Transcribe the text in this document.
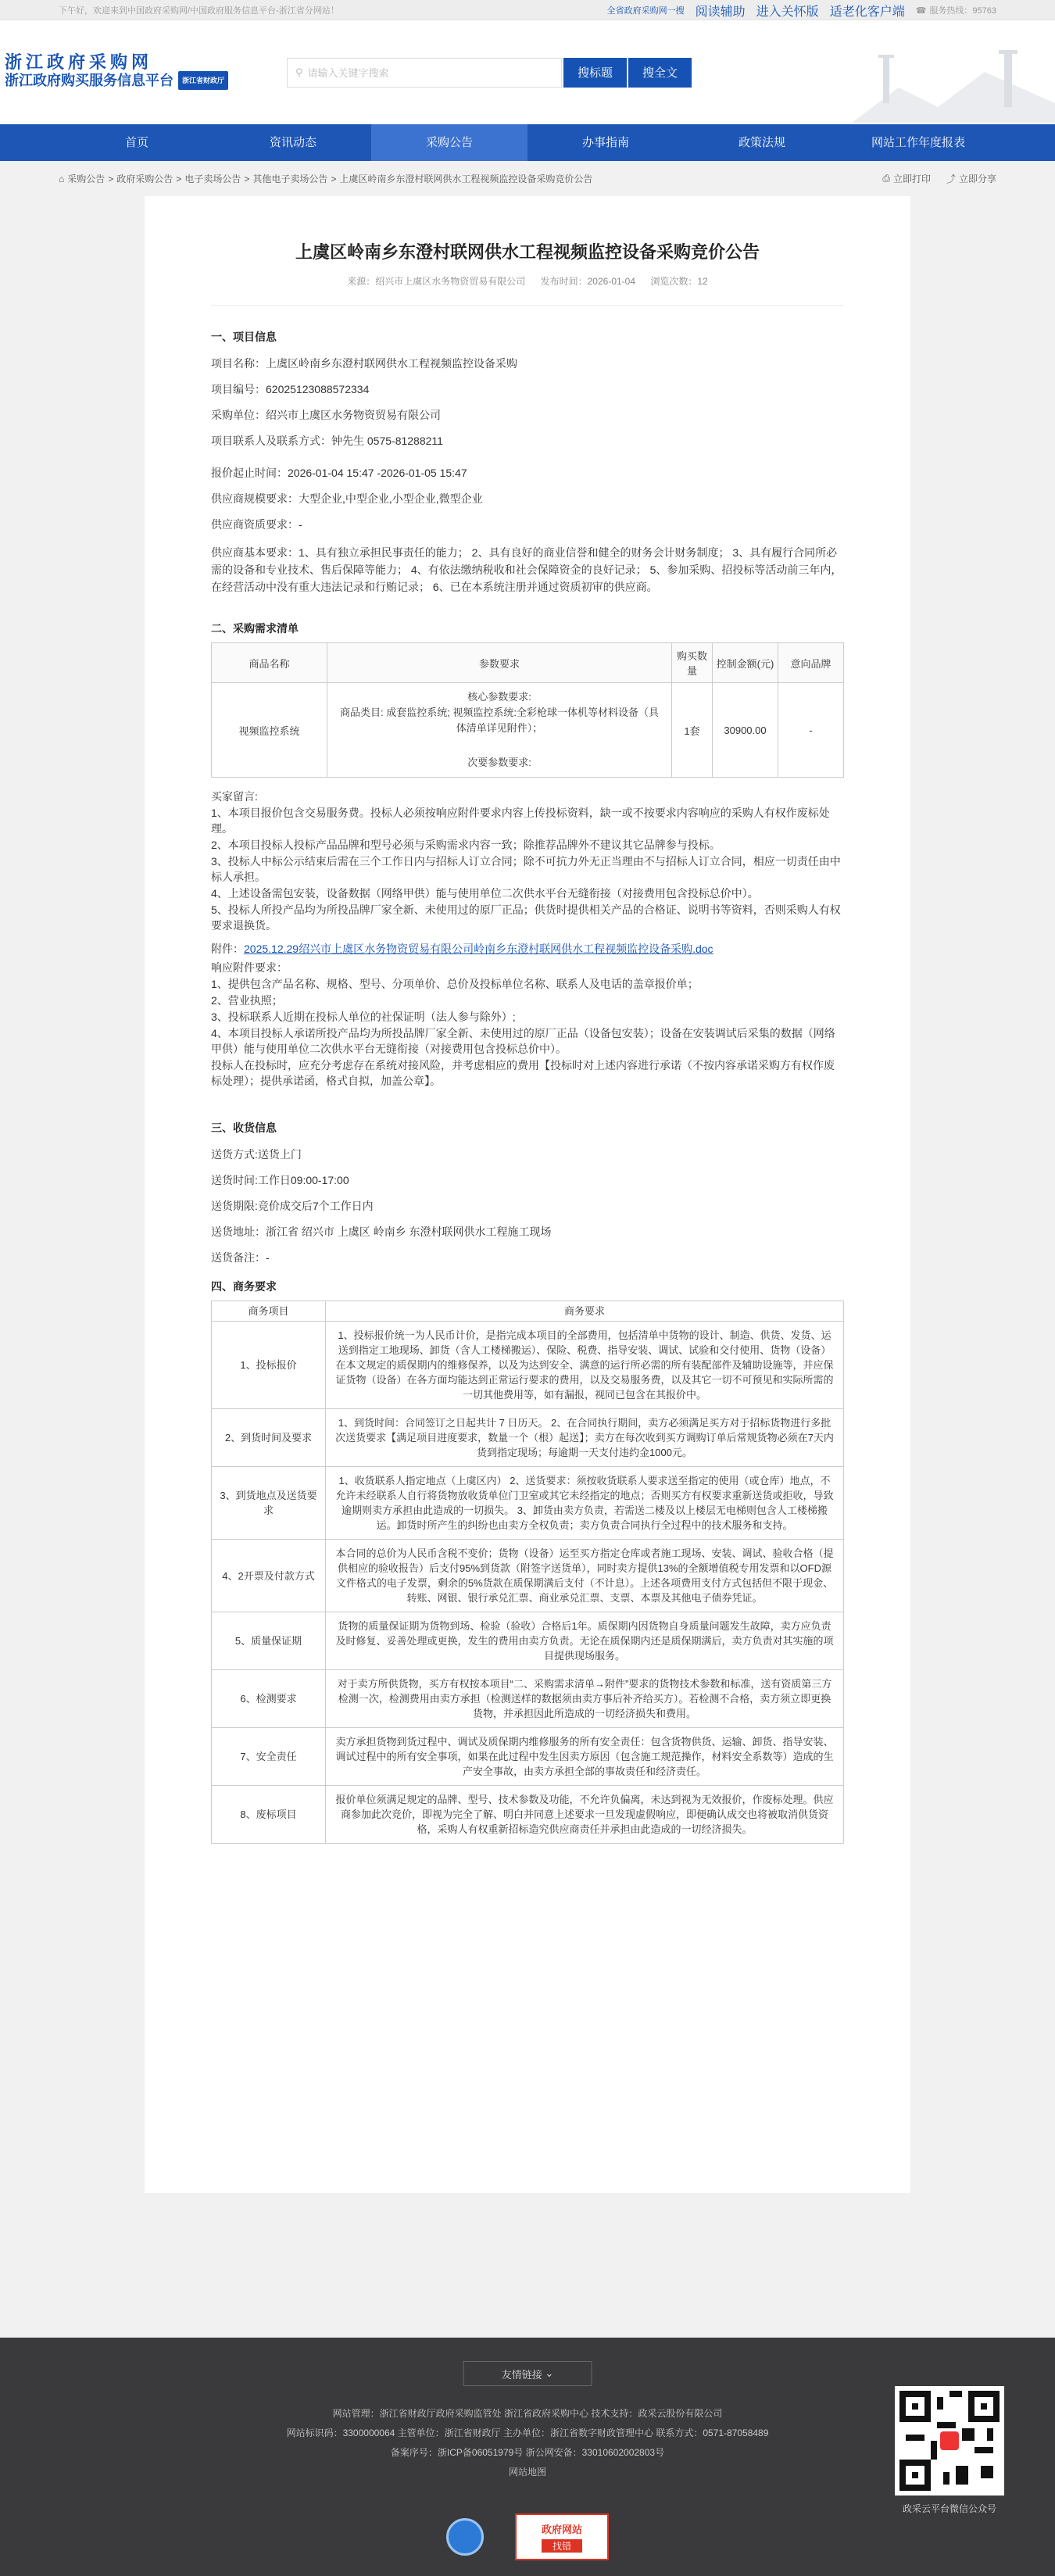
下午好，欢迎来到中国政府采购网/中国政府服务信息平台-浙江省分网站！	全省政府采购网一搜 阅读辅助 进入关怀版 适老化客户端 ☎ 服务热线：95763
浙江政府采购网
浙江政府购买服务信息平台 浙江省财政厅
⚲ 请输入关键字搜索	搜标题	搜全文
首页	资讯动态	采购公告	办事指南	政策法规	网站工作年度报表
⌂ 采购公告 > 政府采购公告 > 电子卖场公告 > 其他电子卖场公告 > 上虞区岭南乡东澄村联网供水工程视频监控设备采购竞价公告	⎙ 立即打印 ⤴ 立即分享
上虞区岭南乡东澄村联网供水工程视频监控设备采购竞价公告
来源：绍兴市上虞区水务物资贸易有限公司 发布时间：2026-01-04 浏览次数：12
一、项目信息
项目名称：上虞区岭南乡东澄村联网供水工程视频监控设备采购
项目编号：62025123088572334
采购单位：绍兴市上虞区水务物资贸易有限公司
项目联系人及联系方式：钟先生 0575-81288211
报价起止时间：2026-01-04 15:47 -2026-01-05 15:47
供应商规模要求：大型企业,中型企业,小型企业,微型企业
供应商资质要求：-
供应商基本要求：1、具有独立承担民事责任的能力； 2、具有良好的商业信誉和健全的财务会计财务制度； 3、具有履行合同所必需的设备和专业技术、售后保障等能力； 4、有依法缴纳税收和社会保障资金的良好记录； 5、参加采购、招投标等活动前三年内，在经营活动中没有重大违法记录和行贿记录； 6、已在本系统注册并通过资质初审的供应商。
二、采购需求清单
商品名称	参数要求	购买数量	控制金额(元)	意向品牌
视频监控系统	核心参数要求:
商品类目: 成套监控系统; 视频监控系统:全彩枪球一体机等材料设备（具体清单详见附件）；
次要参数要求:	1套	30900.00	-
买家留言:
1、本项目报价包含交易服务费。投标人必须按响应附件要求内容上传投标资料，缺一或不按要求内容响应的采购人有权作废标处理。
2、本项目投标人投标产品品牌和型号必须与采购需求内容一致；除推荐品牌外不建议其它品牌参与投标。
3、投标人中标公示结束后需在三个工作日内与招标人订立合同；除不可抗力外无正当理由不与招标人订立合同，相应一切责任由中标人承担。
4、上述设备需包安装，设备数据（网络甲供）能与使用单位二次供水平台无缝衔接（对接费用包含投标总价中）。
5、投标人所投产品均为所投品牌厂家全新、未使用过的原厂正品；供货时提供相关产品的合格证、说明书等资料，否则采购人有权要求退换货。
附件：2025.12.29绍兴市上虞区水务物资贸易有限公司岭南乡东澄村联网供水工程视频监控设备采购.doc
响应附件要求：
1、提供包含产品名称、规格、型号、分项单价、总价及投标单位名称、联系人及电话的盖章报价单；
2、营业执照；
3、投标联系人近期在投标人单位的社保证明（法人参与除外）;
4、本项目投标人承诺所投产品均为所投品牌厂家全新、未使用过的原厂正品（设备包安装）；设备在安装调试后采集的数据（网络甲供）能与使用单位二次供水平台无缝衔接（对接费用包含投标总价中）。
投标人在投标时，应充分考虑存在系统对接风险，并考虑相应的费用【投标时对上述内容进行承诺（不按内容承诺采购方有权作废标处理）；提供承诺函，格式自拟，加盖公章】。
三、收货信息
送货方式:送货上门
送货时间:工作日09:00-17:00
送货期限:竞价成交后7个工作日内
送货地址：浙江省 绍兴市 上虞区 岭南乡 东澄村联网供水工程施工现场
送货备注：-
四、商务要求
商务项目	商务要求
1、投标报价	1、投标报价统一为人民币计价，是指完成本项目的全部费用，包括清单中货物的设计、制造、供货、发货、运送到指定工地现场、卸货（含人工楼梯搬运）、保险、税费、指导安装、调试、试验和交付使用、货物（设备）在本文规定的质保期内的维修保养，以及为达到安全、满意的运行所必需的所有装配部件及辅助设施等，并应保证货物（设备）在各方面均能达到正常运行要求的费用，以及交易服务费，以及其它一切不可预见和实际所需的一切其他费用等，如有漏报，视同已包含在其报价中。
2、到货时间及要求	1、到货时间：合同签订之日起共计 7 日历天。 2、在合同执行期间，卖方必须满足买方对于招标货物进行多批次送货要求【满足项目进度要求，数量一个（根）起送】；卖方在每次收到买方调购订单后常规货物必须在7天内货到指定现场；每逾期一天支付违约金1000元。
3、到货地点及送货要求	1、收货联系人指定地点（上虞区内） 2、送货要求：须按收货联系人要求送至指定的使用（或仓库）地点，不允许未经联系人自行将货物放收货单位门卫室或其它未经指定的地点；否则买方有权要求重新送货或拒收，导致逾期则卖方承担由此造成的一切损失。 3、卸货由卖方负责，若需送二楼及以上楼层无电梯则包含人工楼梯搬运。卸货时所产生的纠纷也由卖方全权负责；卖方负责合同执行全过程中的技术服务和支持。
4、2开票及付款方式	本合同的总价为人民币含税不变价；货物（设备）运至买方指定仓库或者施工现场、安装、调试、验收合格（提供相应的验收报告）后支付95%到货款（附签字送货单），同时卖方提供13%的全额增值税专用发票和以OFD源文件格式的电子发票，剩余的5%货款在质保期满后支付（不计息）。上述各项费用支付方式包括但不限于现金、转账、网银、银行承兑汇票、商业承兑汇票、支票、本票及其他电子债券凭证。
5、质量保证期	货物的质量保证期为货物到场、检验（验收）合格后1年。质保期内因货物自身质量问题发生故障，卖方应负责及时修复、妥善处理或更换，发生的费用由卖方负责。无论在质保期内还是质保期满后，卖方负责对其实施的项目提供现场服务。
6、检测要求	对于卖方所供货物，买方有权按本项目“二、采购需求清单→附件”要求的货物技术参数和标准，送有资质第三方检测一次，检测费用由卖方承担（检测送样的数据须由卖方事后补齐给买方）。若检测不合格，卖方须立即更换货物，并承担因此所造成的一切经济损失和费用。
7、安全责任	卖方承担货物到货过程中、调试及质保期内维修服务的所有安全责任：包含货物供货、运输、卸货、指导安装、调试过程中的所有安全事项，如果在此过程中发生因卖方原因（包含施工规范操作，材料安全系数等）造成的生产安全事故，由卖方承担全部的事故责任和经济责任。
8、废标项目	报价单位须满足规定的品牌、型号、技术参数及功能，不允许负偏离，未达到视为无效报价，作废标处理。供应商参加此次竞价，即视为完全了解、明白并同意上述要求一旦发现虚假响应，即便确认成交也将被取消供货资格，采购人有权重新招标造究供应商责任并承担由此造成的一切经济损失。
友情链接
⌄
网站管理：浙江省财政厅政府采购监管处 浙江省政府采购中心 技术支持：政采云股份有限公司
网站标识码：3300000064 主管单位：浙江省财政厅 主办单位：浙江省数字财政管理中心 联系方式：0571-87058489
备案序号：浙ICP备06051979号 浙公网安备：33010602002803号
网站地图
政府网站
找错
政采云平台微信公众号
